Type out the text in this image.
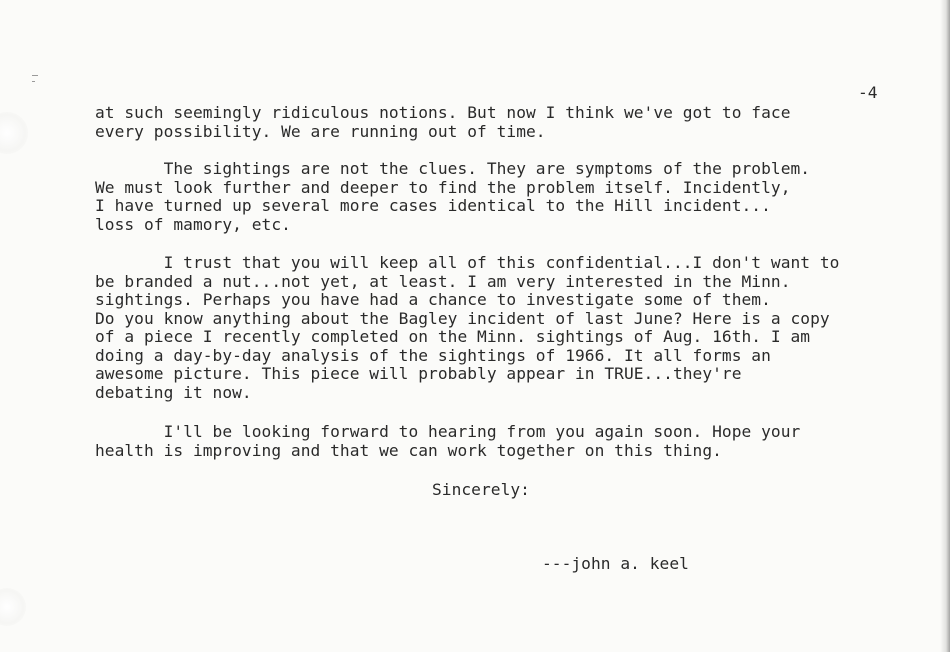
-4
at such seemingly ridiculous notions. But now I think we've got to face
every possibility. We are running out of time.
The sightings are not the clues. They are symptoms of the problem.
We must look further and deeper to find the problem itself. Incidently,
I have turned up several more cases identical to the Hill incident...
loss of mamory, etc.
I trust that you will keep all of this confidential...I don't want to
be branded a nut...not yet, at least. I am very interested in the Minn.
sightings. Perhaps you have had a chance to investigate some of them.
Do you know anything about the Bagley incident of last June? Here is a copy
of a piece I recently completed on the Minn. sightings of Aug. 16th. I am
doing a day-by-day analysis of the sightings of 1966. It all forms an
awesome picture. This piece will probably appear in TRUE...they're
debating it now.
I'll be looking forward to hearing from you again soon. Hope your
health is improving and that we can work together on this thing.
Sincerely:
---john a. keel
